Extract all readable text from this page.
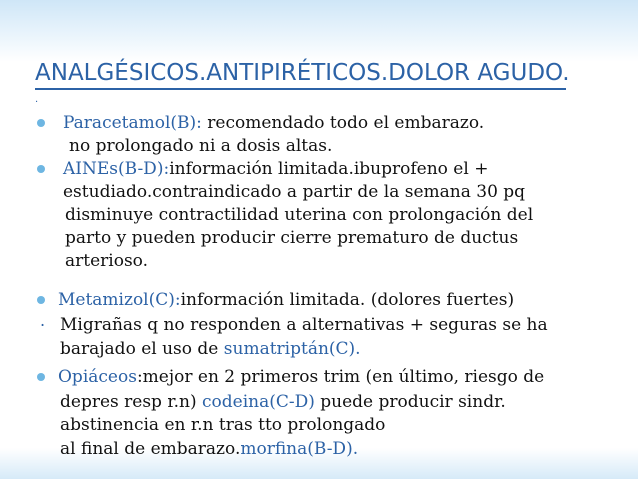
ANALGÉSICOS.ANTIPIRÉTICOS.DOLOR AGUDO.
.
Paracetamol(B): recomendado todo el embarazo.
no prolongado ni a dosis altas.
AINEs(B-D):información limitada.ibuprofeno el +
estudiado.contraindicado a partir de la semana 30 pq
disminuye contractilidad uterina con prolongación del
parto y pueden producir cierre prematuro de ductus
arterioso.
Metamizol(C):información limitada. (dolores fuertes)
. Migrañas q no responden a alternativas + seguras se ha
barajado el uso de sumatriptán(C).
Opiáceos:mejor en 2 primeros trim (en último, riesgo de
depres resp r.n) codeina(C-D) puede producir sindr.
abstinencia en r.n tras tto prolongado
al final de embarazo.morfina(B-D).
